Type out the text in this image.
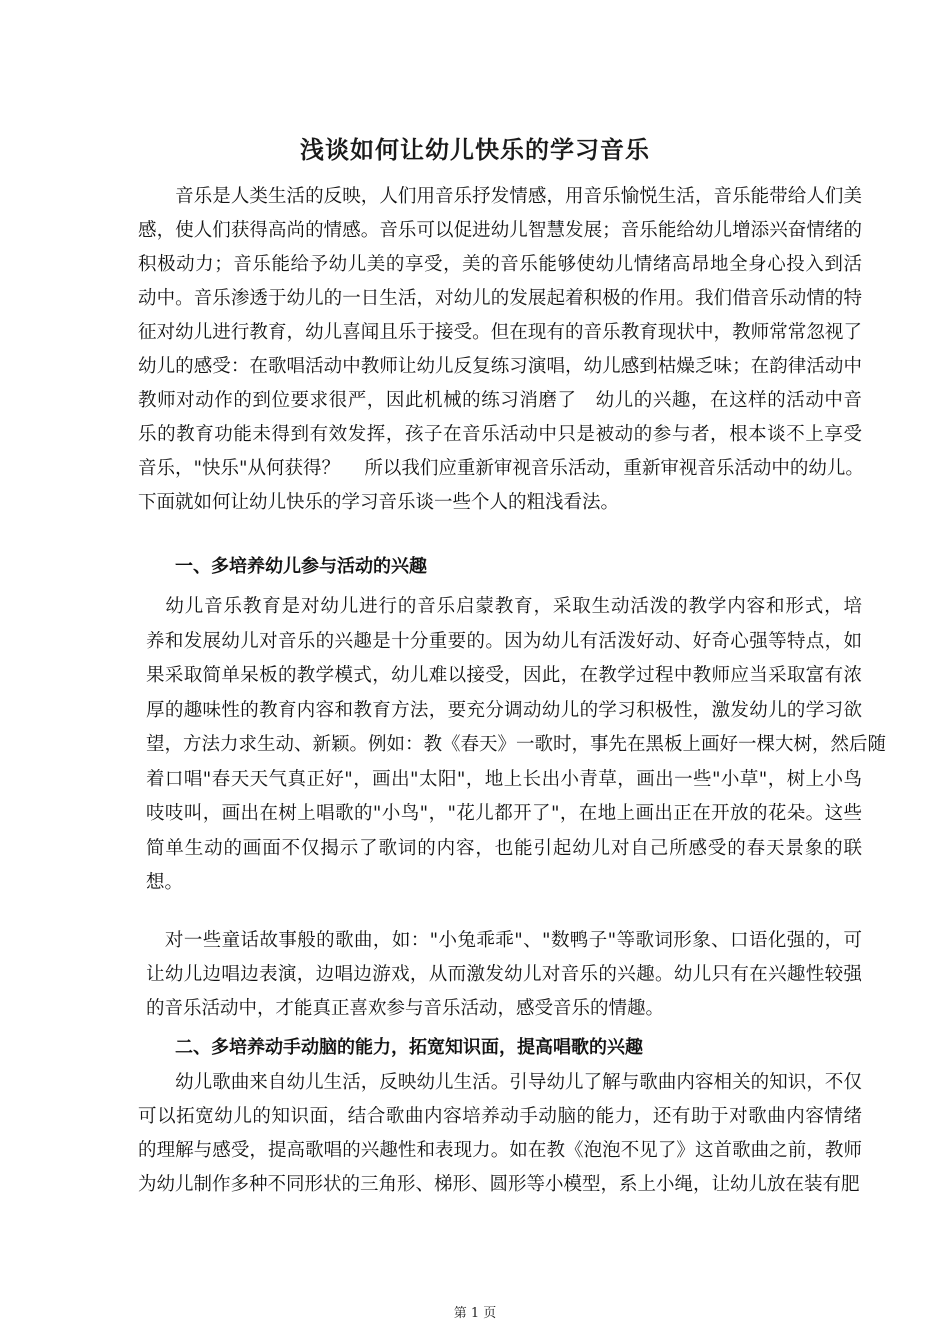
浅谈如何让幼儿快乐的学习音乐
　　音乐是人类生活的反映，人们用音乐抒发情感，用音乐愉悦生活，音乐能带给人们美
感，使人们获得高尚的情感。音乐可以促进幼儿智慧发展；音乐能给幼儿增添兴奋情绪的
积极动力；音乐能给予幼儿美的享受，美的音乐能够使幼儿情绪高昂地全身心投入到活
动中。音乐渗透于幼儿的一日生活，对幼儿的发展起着积极的作用。我们借音乐动情的特
征对幼儿进行教育，幼儿喜闻且乐于接受。但在现有的音乐教育现状中，教师常常忽视了
幼儿的感受：在歌唱活动中教师让幼儿反复练习演唱，幼儿感到枯燥乏味；在韵律活动中
教师对动作的到位要求很严，因此机械的练习消磨了　幼儿的兴趣，在这样的活动中音
乐的教育功能未得到有效发挥，孩子在音乐活动中只是被动的参与者，根本谈不上享受
音乐，"快乐"从何获得？　 所以我们应重新审视音乐活动，重新审视音乐活动中的幼儿。
下面就如何让幼儿快乐的学习音乐谈一些个人的粗浅看法。
一、多培养幼儿参与活动的兴趣
　幼儿音乐教育是对幼儿进行的音乐启蒙教育，采取生动活泼的教学内容和形式，培
养和发展幼儿对音乐的兴趣是十分重要的。因为幼儿有活泼好动、好奇心强等特点，如
果采取简单呆板的教学模式，幼儿难以接受，因此，在教学过程中教师应当采取富有浓
厚的趣味性的教育内容和教育方法，要充分调动幼儿的学习积极性，激发幼儿的学习欲
望，方法力求生动、新颖。例如：教《春天》一歌时，事先在黑板上画好一棵大树，然后随
着口唱"春天天气真正好"，画出"太阳"，地上长出小青草，画出一些"小草"，树上小鸟
吱吱叫，画出在树上唱歌的"小鸟"，"花儿都开了"，在地上画出正在开放的花朵。这些
简单生动的画面不仅揭示了歌词的内容，也能引起幼儿对自己所感受的春天景象的联
想。
　对一些童话故事般的歌曲，如："小兔乖乖"、"数鸭子"等歌词形象、口语化强的，可
让幼儿边唱边表演，边唱边游戏，从而激发幼儿对音乐的兴趣。幼儿只有在兴趣性较强
的音乐活动中，才能真正喜欢参与音乐活动，感受音乐的情趣。
二、多培养动手动脑的能力，拓宽知识面，提高唱歌的兴趣
　　幼儿歌曲来自幼儿生活，反映幼儿生活。引导幼儿了解与歌曲内容相关的知识，不仅
可以拓宽幼儿的知识面，结合歌曲内容培养动手动脑的能力，还有助于对歌曲内容情绪
的理解与感受，提高歌唱的兴趣性和表现力。如在教《泡泡不见了》这首歌曲之前，教师
为幼儿制作多种不同形状的三角形、梯形、圆形等小模型，系上小绳，让幼儿放在装有肥
第 1 页
